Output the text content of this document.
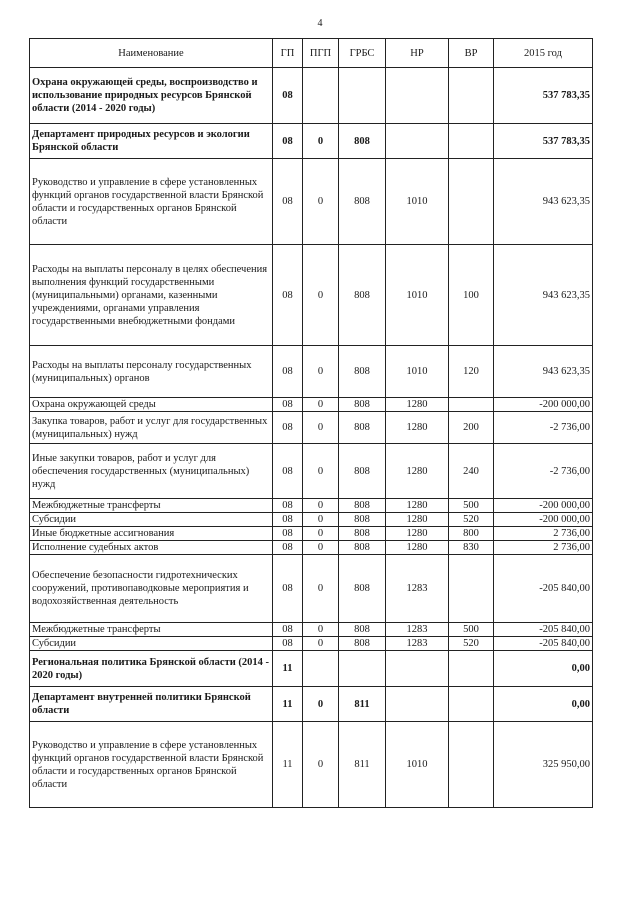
4
Наименование	ГП	ПГП	ГРБС	НР	ВР	2015 год
Охрана окружающей среды, воспроизводство и использование природных ресурсов Брянской области (2014 - 2020 годы)	08					537 783,35
Департамент природных ресурсов и экологии Брянской области	08	0	808			537 783,35
Руководство и управление в сфере установленных функций органов государственной власти Брянской области и государственных органов Брянской области	08	0	808	1010		943 623,35
Расходы на выплаты персоналу в целях обеспечения выполнения функций государственными (муниципальными) органами, казенными учреждениями, органами управления государственными внебюджетными фондами	08	0	808	1010	100	943 623,35
Расходы на выплаты персоналу государственных (муниципальных) органов	08	0	808	1010	120	943 623,35
Охрана окружающей среды	08	0	808	1280		-200 000,00
Закупка товаров, работ и услуг для государственных (муниципальных) нужд	08	0	808	1280	200	-2 736,00
Иные закупки товаров, работ и услуг для обеспечения государственных (муниципальных) нужд	08	0	808	1280	240	-2 736,00
Межбюджетные трансферты	08	0	808	1280	500	-200 000,00
Субсидии	08	0	808	1280	520	-200 000,00
Иные бюджетные ассигнования	08	0	808	1280	800	2 736,00
Исполнение судебных актов	08	0	808	1280	830	2 736,00
Обеспечение безопасности гидротехнических сооружений, противопаводковые мероприятия и водохозяйственная деятельность	08	0	808	1283		-205 840,00
Межбюджетные трансферты	08	0	808	1283	500	-205 840,00
Субсидии	08	0	808	1283	520	-205 840,00
Региональная политика Брянской области (2014 - 2020 годы)	11					0,00
Департамент внутренней политики Брянской области	11	0	811			0,00
Руководство и управление в сфере установленных функций органов государственной власти Брянской области и государственных органов Брянской области	11	0	811	1010		325 950,00
